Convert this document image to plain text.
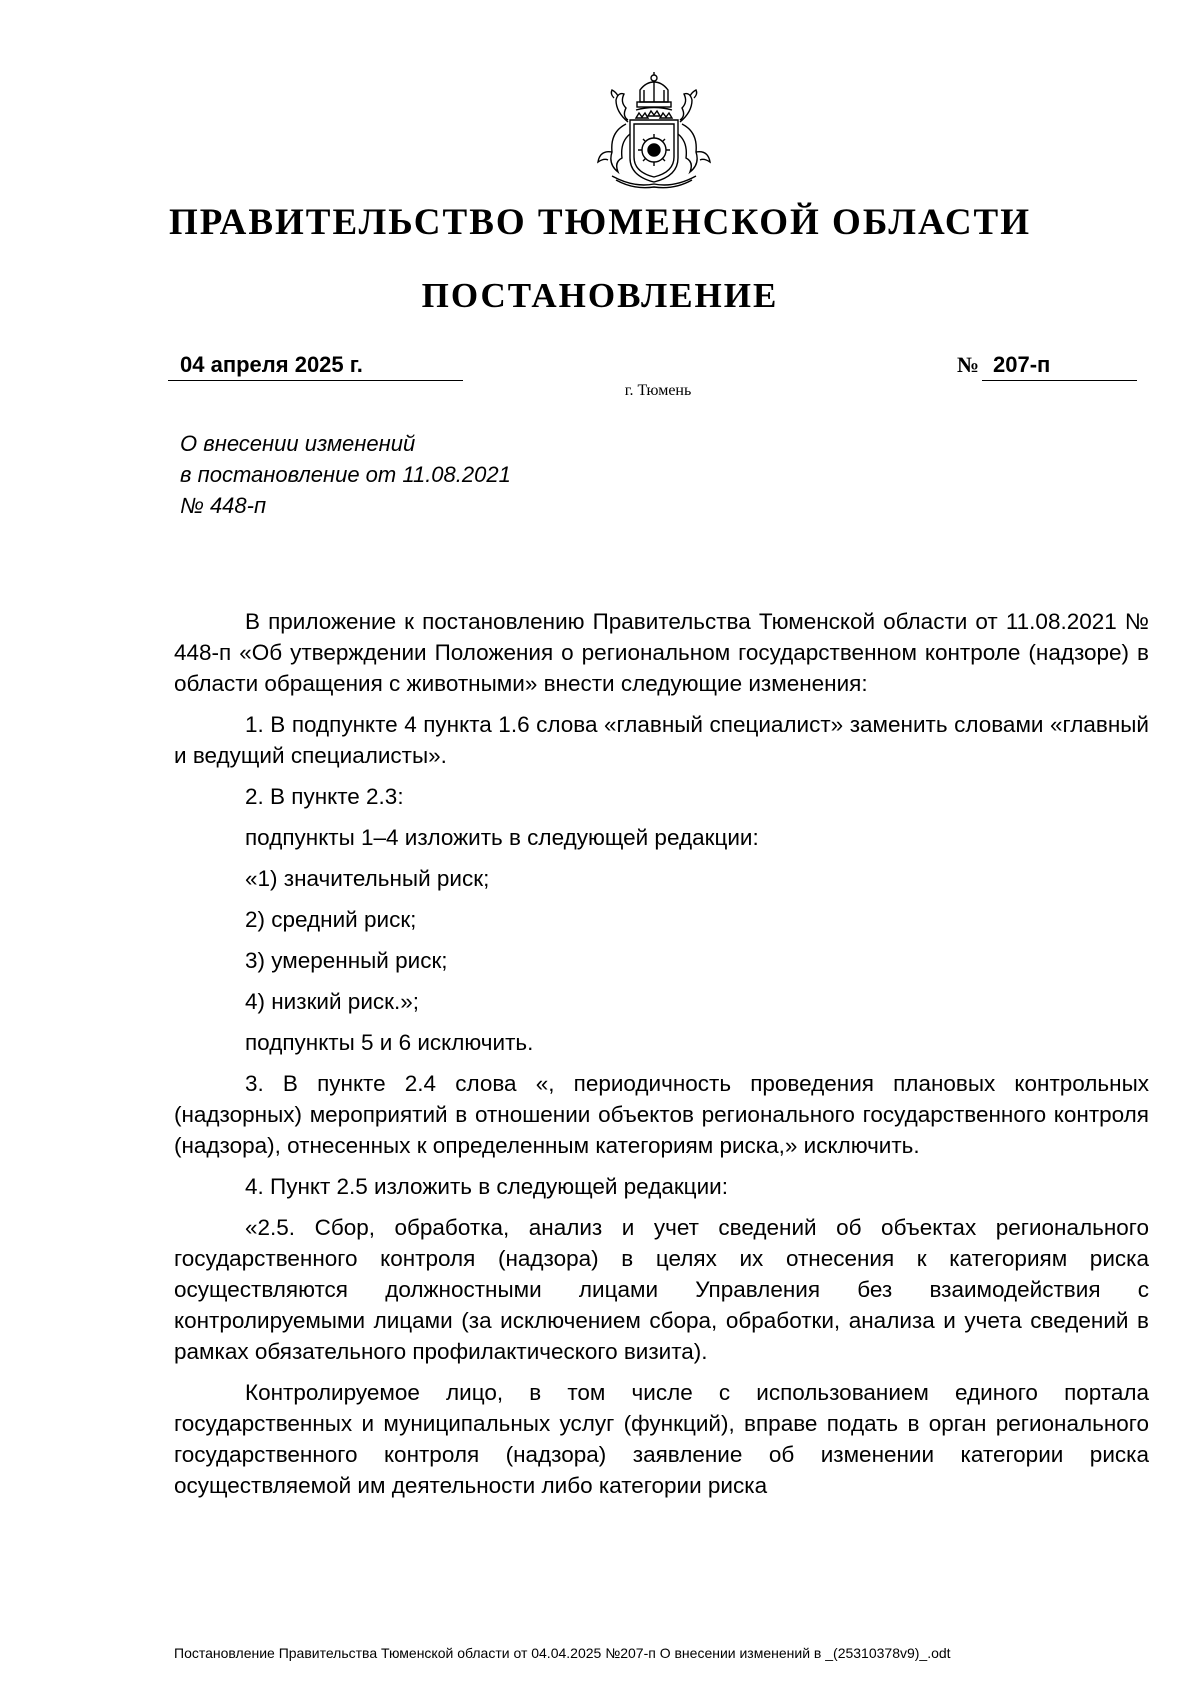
ПРАВИТЕЛЬСТВО ТЮМЕНСКОЙ ОБЛАСТИ
ПОСТАНОВЛЕНИЕ
04 апреля 2025 г.	№ 207-п
г. Тюмень
О внесении изменений
в постановление от 11.08.2021
№ 448-п

В приложение к постановлению Правительства Тюменской области от 11.08.2021 № 448-п «Об утверждении Положения о региональном государственном контроле (надзоре) в области обращения с животными» внести следующие изменения:

1. В подпункте 4 пункта 1.6 слова «главный специалист» заменить словами «главный и ведущий специалисты».

2. В пункте 2.3:

подпункты 1–4 изложить в следующей редакции:

«1) значительный риск;

2) средний риск;

3) умеренный риск;

4) низкий риск.»;

подпункты 5 и 6 исключить.

3. В пункте 2.4 слова «, периодичность проведения плановых контрольных (надзорных) мероприятий в отношении объектов регионального государственного контроля (надзора), отнесенных к определенным категориям риска,» исключить.

4. Пункт 2.5 изложить в следующей редакции:

«2.5. Сбор, обработка, анализ и учет сведений об объектах регионального государственного контроля (надзора) в целях их отнесения к категориям риска осуществляются должностными лицами Управления без взаимодействия с контролируемыми лицами (за исключением сбора, обработки, анализа и учета сведений в рамках обязательного профилактического визита).

Контролируемое лицо, в том числе с использованием единого портала государственных и муниципальных услуг (функций), вправе подать в орган регионального государственного контроля (надзора) заявление об изменении категории риска осуществляемой им деятельности либо категории риска

Постановление Правительства Тюменской области от 04.04.2025 №207-п О внесении изменений в _(25310378v9)_.odt
